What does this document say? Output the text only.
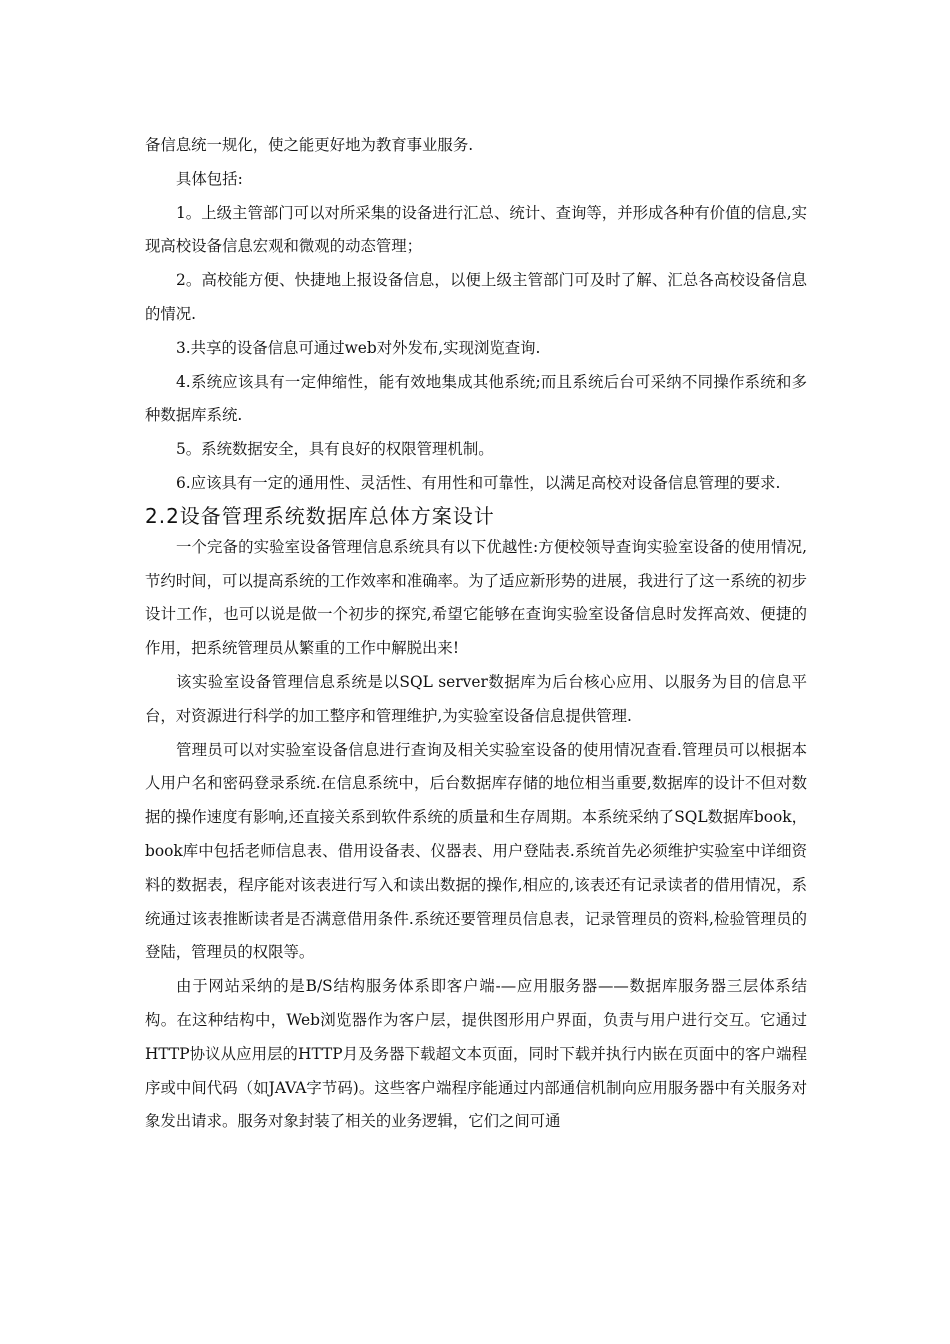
备信息统一规化，使之能更好地为教育事业服务.

具体包括:

1。上级主管部门可以对所采集的设备进行汇总、统计、查询等，并形成各种有价值的信息,实现高校设备信息宏观和微观的动态管理；

2。高校能方便、快捷地上报设备信息，以便上级主管部门可及时了解、汇总各高校设备信息的情况.

3.共享的设备信息可通过web对外发布,实现浏览查询.

4.系统应该具有一定伸缩性，能有效地集成其他系统;而且系统后台可采纳不同操作系统和多种数据库系统.

5。系统数据安全，具有良好的权限管理机制。

6.应该具有一定的通用性、灵活性、有用性和可靠性，以满足高校对设备信息管理的要求.

2.2设备管理系统数据库总体方案设计

一个完备的实验室设备管理信息系统具有以下优越性:方便校领导查询实验室设备的使用情况,节约时间，可以提高系统的工作效率和准确率。为了适应新形势的进展，我进行了这一系统的初步设计工作，也可以说是做一个初步的探究,希望它能够在查询实验室设备信息时发挥高效、便捷的作用，把系统管理员从繁重的工作中解脱出来!

该实验室设备管理信息系统是以SQL server数据库为后台核心应用、以服务为目的信息平台，对资源进行科学的加工整序和管理维护,为实验室设备信息提供管理.

管理员可以对实验室设备信息进行查询及相关实验室设备的使用情况查看.管理员可以根据本人用户名和密码登录系统.在信息系统中，后台数据库存储的地位相当重要,数据库的设计不但对数据的操作速度有影响,还直接关系到软件系统的质量和生存周期。本系统采纳了SQL数据库book，book库中包括老师信息表、借用设备表、仪器表、用户登陆表.系统首先必须维护实验室中详细资料的数据表，程序能对该表进行写入和读出数据的操作,相应的,该表还有记录读者的借用情况，系统通过该表推断读者是否满意借用条件.系统还要管理员信息表，记录管理员的资料,检验管理员的登陆，管理员的权限等。

由于网站采纳的是B/S结构服务体系即客户端-—应用服务器——数据库服务器三层体系结构。在这种结构中，Web浏览器作为客户层，提供图形用户界面，负责与用户进行交互。它通过HTTP协议从应用层的HTTP月及务器下载超文本页面，同时下载并执行内嵌在页面中的客户端程序或中间代码（如JAVA字节码)。这些客户端程序能通过内部通信机制向应用服务器中有关服务对象发出请求。服务对象封装了相关的业务逻辑，它们之间可通
